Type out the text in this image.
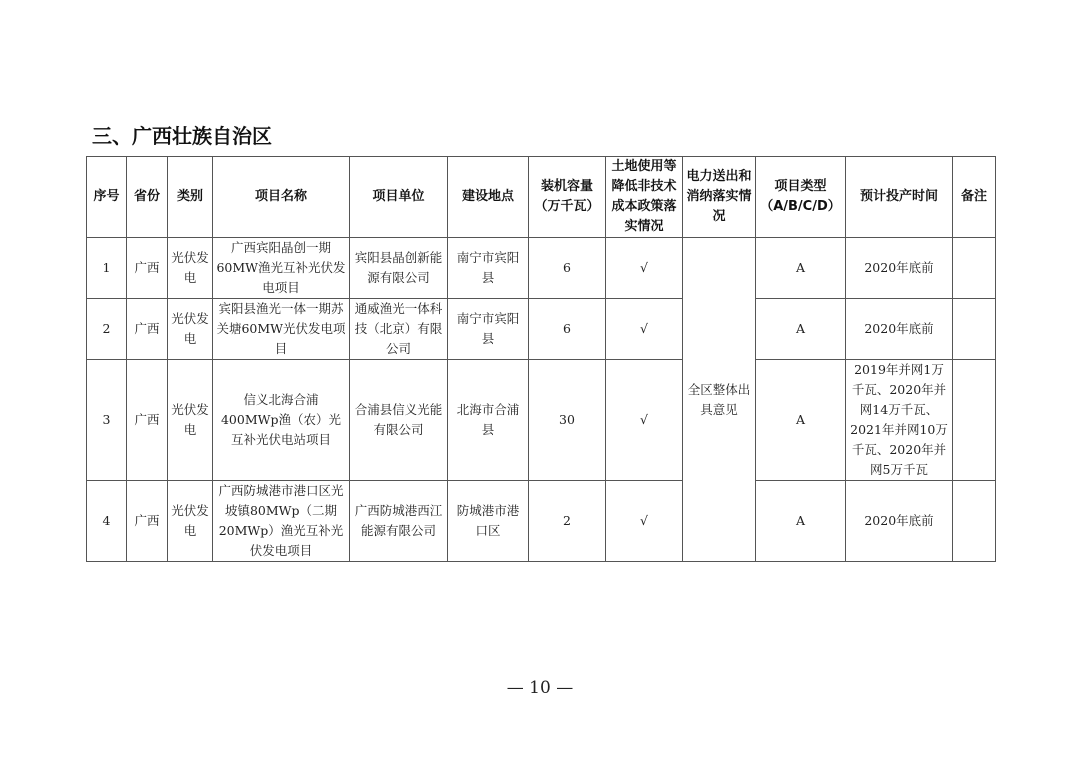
三、广西壮族自治区
序号	省份	类别	项目名称	项目单位	建设地点	装机容量（万千瓦）	土地使用等降低非技术成本政策落实情况	电力送出和消纳落实情况	项目类型（A/B/C/D）	预计投产时间	备注
1	广西	光伏发电	广西宾阳晶创一期60MW渔光互补光伏发电项目	宾阳县晶创新能源有限公司	南宁市宾阳县	6	√	全区整体出具意见	A	2020年底前	
2	广西	光伏发电	宾阳县渔光一体一期苏关塘60MW光伏发电项目	通威渔光一体科技（北京）有限公司	南宁市宾阳县	6	√		A	2020年底前	
3	广西	光伏发电	信义北海合浦400MWp渔（农）光互补光伏电站项目	合浦县信义光能有限公司	北海市合浦县	30	√		A	2019年并网1万千瓦、2020年并网14万千瓦、2021年并网10万千瓦、2020年并网5万千瓦	
4	广西	光伏发电	广西防城港市港口区光坡镇80MWp（二期20MWp）渔光互补光伏发电项目	广西防城港西江能源有限公司	防城港市港口区	2	√		A	2020年底前	
— 10 —
